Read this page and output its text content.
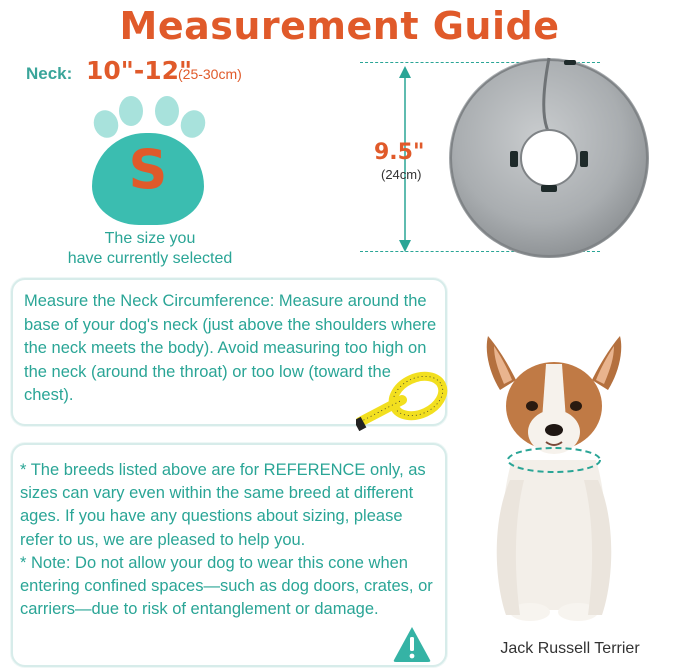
Measurement Guide
Neck: 10"-12"
(25-30cm)
S
The size you
have currently selected
9.5"
(24cm)
Measure the Neck Circumference: Measure around the base of your dog's neck (just above the shoulders where the neck meets the body). Avoid measuring too high on the neck (around the throat) or too low (toward the chest).

* The breeds listed above are for REFERENCE only, as sizes can vary even within the same breed at different ages. If you have any questions about sizing, please refer to us, we are pleased to help you.

* Note: Do not allow your dog to wear this cone when entering confined spaces—such as dog doors, crates, or carriers—due to risk of entanglement or damage.

Jack Russell Terrier
